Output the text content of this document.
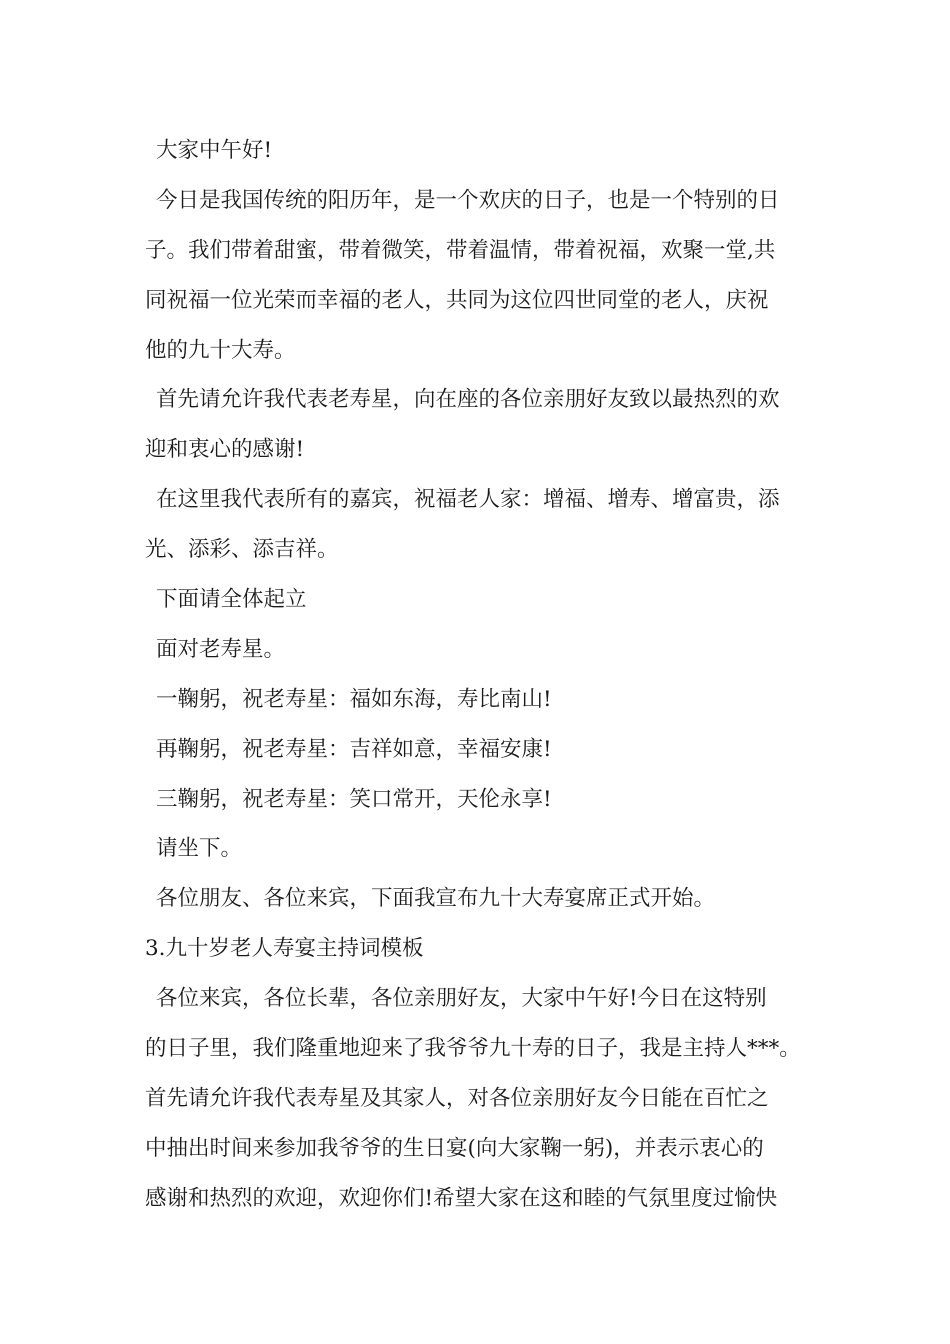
大家中午好!
今日是我国传统的阳历年，是一个欢庆的日子，也是一个特别的日
子。我们带着甜蜜，带着微笑，带着温情，带着祝福，欢聚一堂,共
同祝福一位光荣而幸福的老人，共同为这位四世同堂的老人，庆祝
他的九十大寿。
首先请允许我代表老寿星，向在座的各位亲朋好友致以最热烈的欢
迎和衷心的感谢!
在这里我代表所有的嘉宾，祝福老人家：增福、增寿、增富贵，添
光、添彩、添吉祥。
下面请全体起立
面对老寿星。
一鞠躬，祝老寿星：福如东海，寿比南山!
再鞠躬，祝老寿星：吉祥如意，幸福安康!
三鞠躬，祝老寿星：笑口常开，天伦永享!
请坐下。
各位朋友、各位来宾，下面我宣布九十大寿宴席正式开始。
3.九十岁老人寿宴主持词模板
各位来宾，各位长辈，各位亲朋好友，大家中午好!今日在这特别
的日子里，我们隆重地迎来了我爷爷九十寿的日子，我是主持人***。
首先请允许我代表寿星及其家人，对各位亲朋好友今日能在百忙之
中抽出时间来参加我爷爷的生日宴(向大家鞠一躬)，并表示衷心的
感谢和热烈的欢迎，欢迎你们!希望大家在这和睦的气氛里度过愉快
